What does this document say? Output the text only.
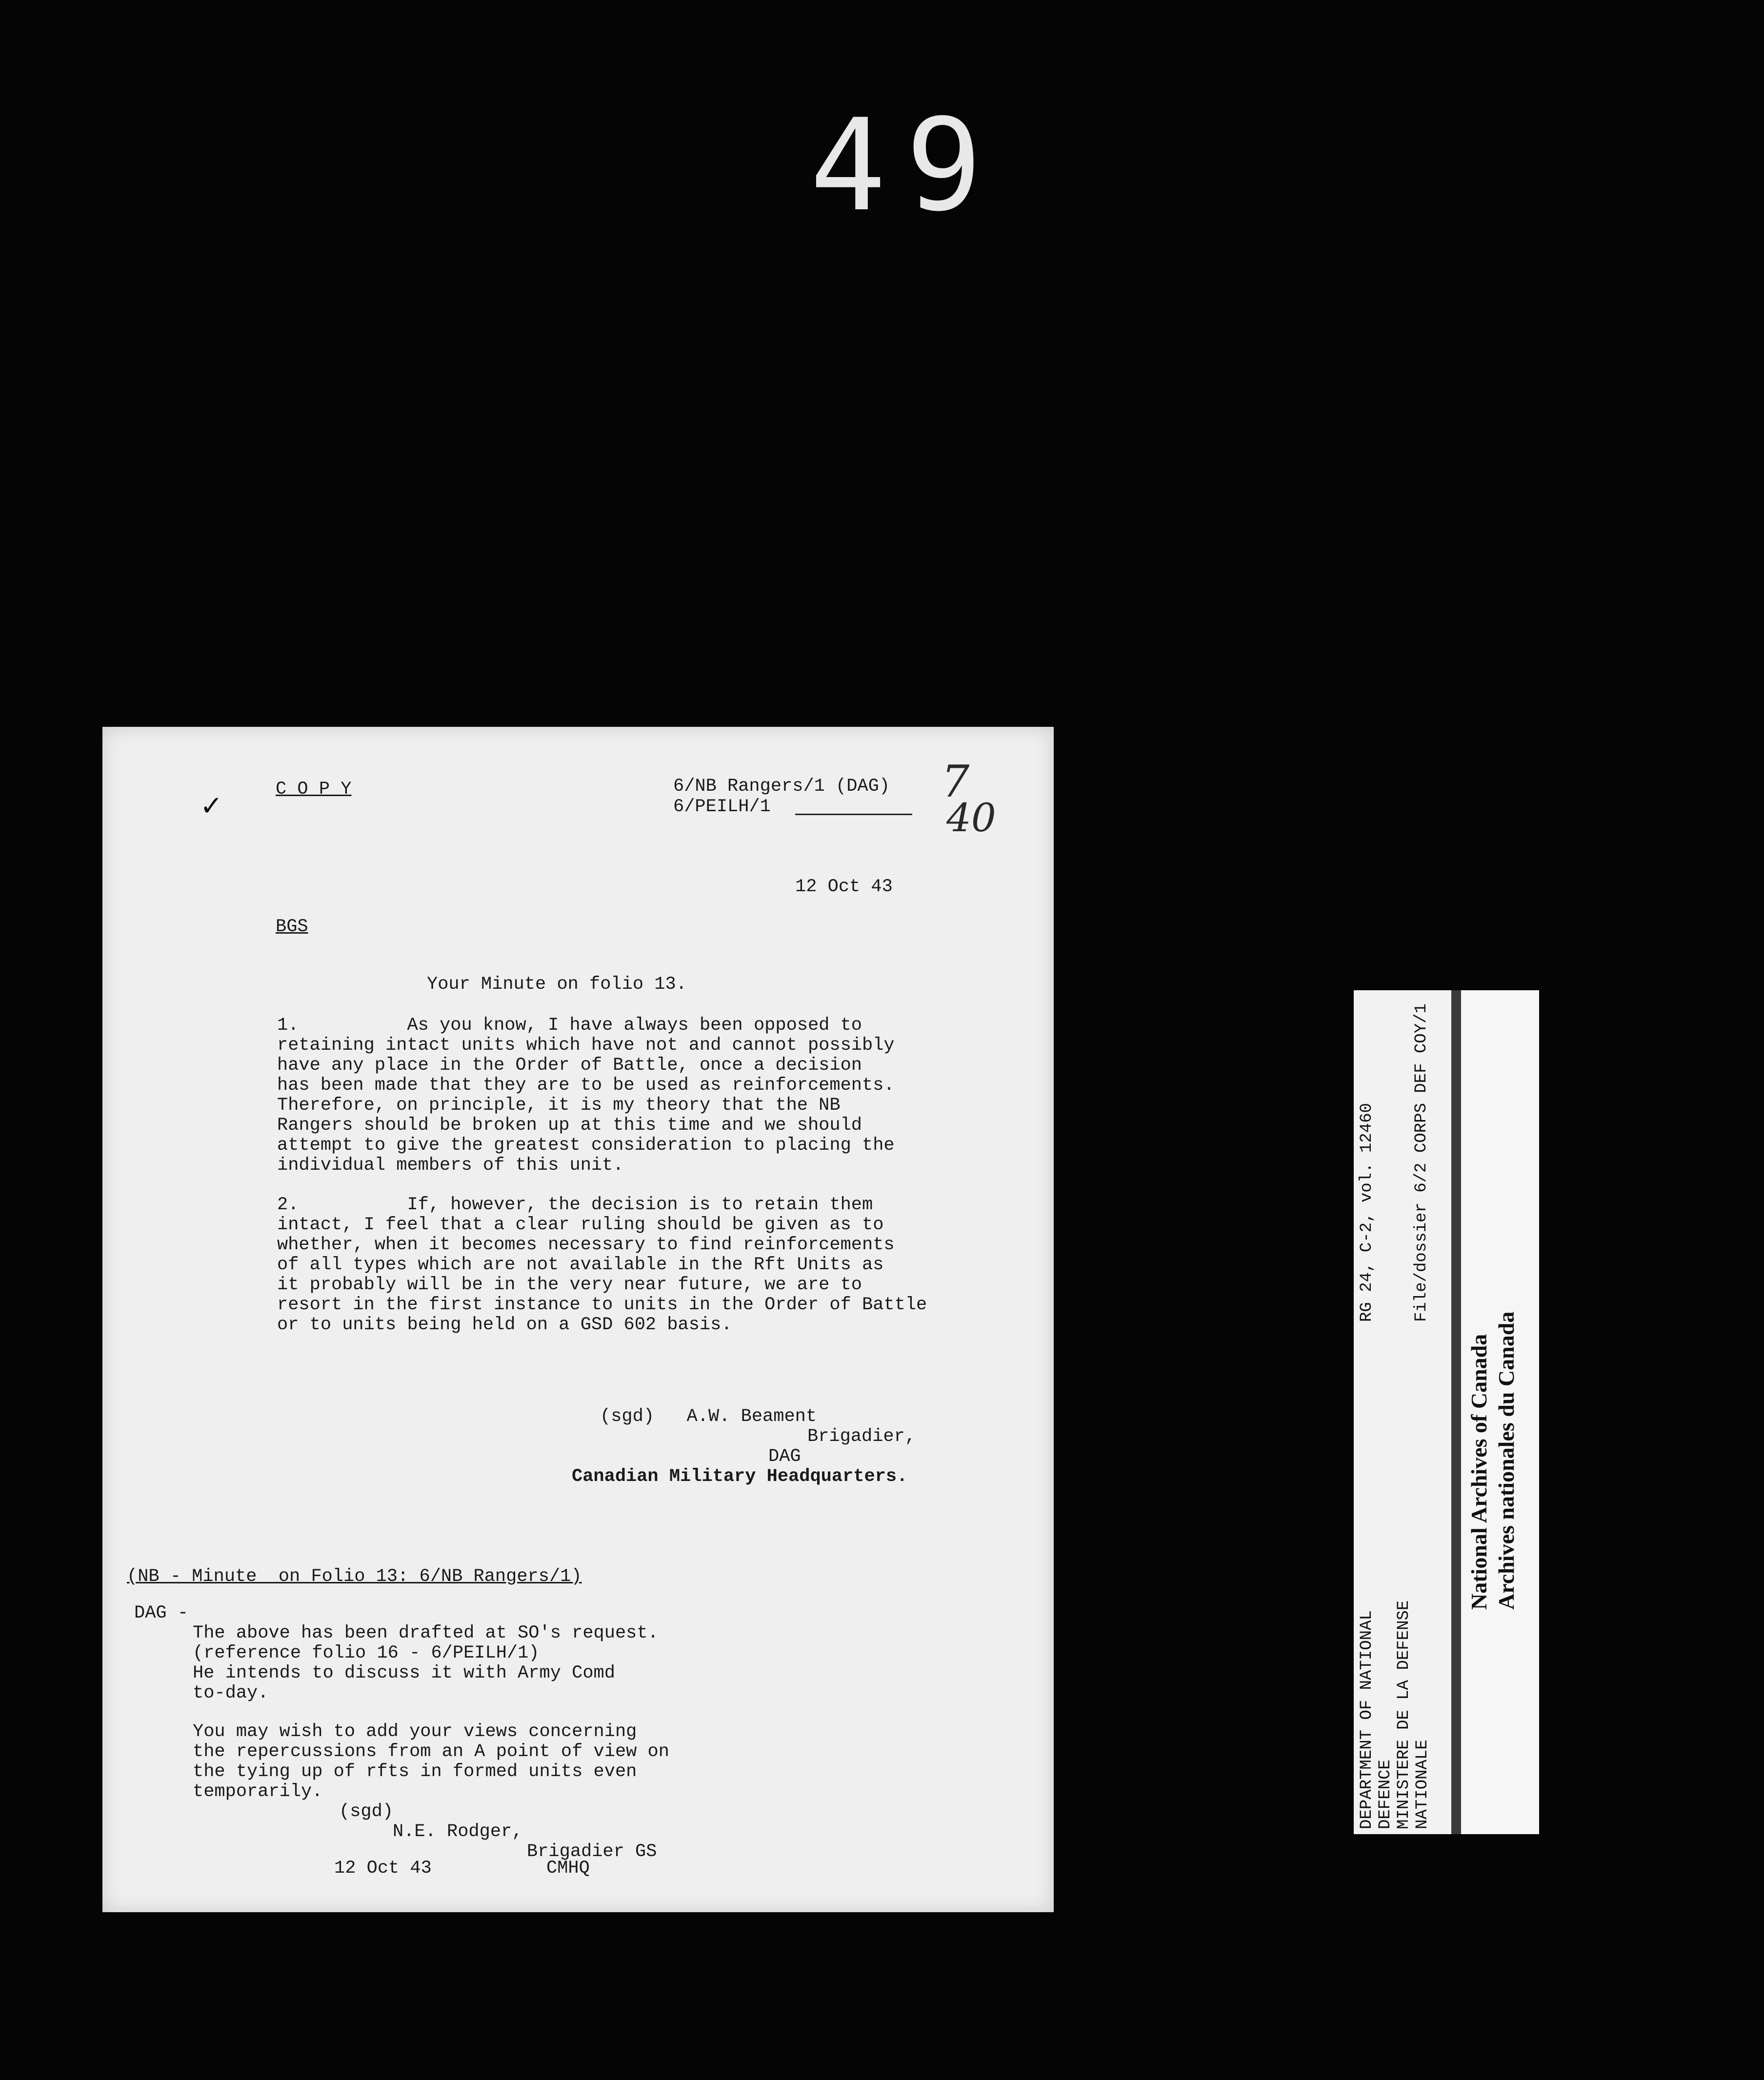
49
✓
C O P Y	6/NB Rangers/1 (DAG)
6/PEILH/1	7
40
12 Oct 43
BGS
Your Minute on folio 13.
1.          As you know, I have always been opposed to
retaining intact units which have not and cannot possibly
have any place in the Order of Battle, once a decision
has been made that they are to be used as reinforcements.
Therefore, on principle, it is my theory that the NB
Rangers should be broken up at this time and we should
attempt to give the greatest consideration to placing the
individual members of this unit.
2.          If, however, the decision is to retain them
intact, I feel that a clear ruling should be given as to
whether, when it becomes necessary to find reinforcements
of all types which are not available in the Rft Units as
it probably will be in the very near future, we are to
resort in the first instance to units in the Order of Battle
or to units being held on a GSD 602 basis.
(sgd)   A.W. Beament
Brigadier,
DAG
Canadian Military Headquarters.
(NB - Minute  on Folio 13: 6/NB Rangers/1)
DAG -
The above has been drafted at SO's request.
(reference folio 16 - 6/PEILH/1)
He intends to discuss it with Army Comd
to-day.
You may wish to add your views concerning
the repercussions from an A point of view on
the tying up of rfts in formed units even
temporarily.
(sgd)
N.E. Rodger,
Brigadier GS
12 Oct 43	CMHQ
DEPARTMENT OF NATIONAL DEFENCE MINISTERE DE LA DEFENSE NATIONALE
RG 24, C-2, vol. 12460 File/dossier 6/2 CORPS DEF COY/1
National Archives of Canada Archives nationales du Canada
